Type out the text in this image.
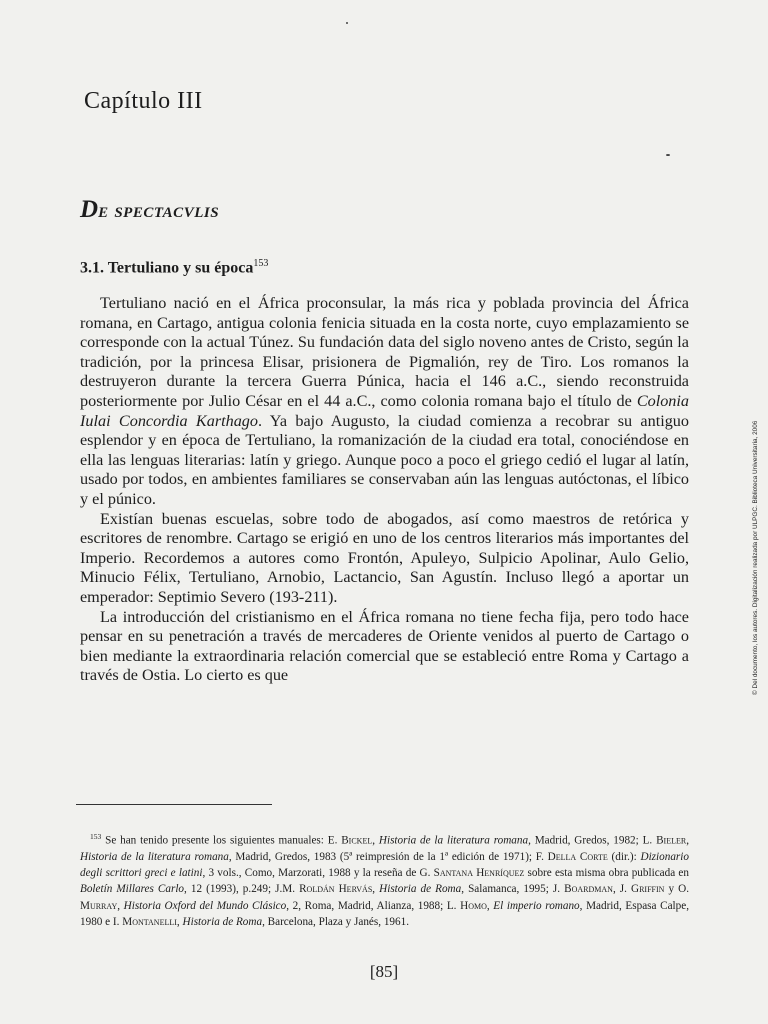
Capítulo III
De spectacvlis
3.1. Tertuliano y su época$^{153}$

Tertuliano nació en el África proconsular, la más rica y poblada provincia del África romana, en Cartago, antigua colonia fenicia situada en la costa norte, cuyo emplazamiento se corresponde con la actual Túnez. Su fundación data del siglo noveno antes de Cristo, según la tradición, por la princesa Elisar, prisionera de Pigmalión, rey de Tiro. Los romanos la destruyeron durante la tercera Guerra Púnica, hacia el 146 a.C., siendo reconstruida posteriormente por Julio César en el 44 a.C., como colonia romana bajo el título de Colonia Iulai Concordia Karthago. Ya bajo Augusto, la ciudad comienza a recobrar su antiguo esplendor y en época de Tertuliano, la romanización de la ciudad era total, conociéndose en ella las lenguas literarias: latín y griego. Aunque poco a poco el griego cedió el lugar al latín, usado por todos, en ambientes familiares se conservaban aún las lenguas autóctonas, el líbico y el púnico.

Existían buenas escuelas, sobre todo de abogados, así como maestros de retórica y escritores de renombre. Cartago se erigió en uno de los centros literarios más importantes del Imperio. Recordemos a autores como Frontón, Apuleyo, Sulpicio Apolinar, Aulo Gelio, Minucio Félix, Tertuliano, Arnobio, Lactancio, San Agustín. Incluso llegó a aportar un emperador: Septimio Severo (193-211).

La introducción del cristianismo en el África romana no tiene fecha fija, pero todo hace pensar en su penetración a través de mercaderes de Oriente venidos al puerto de Cartago o bien mediante la extraordinaria relación comercial que se estableció entre Roma y Cartago a través de Ostia. Lo cierto es que

$^{153}$ Se han tenido presente los siguientes manuales: E. Bickel, Historia de la literatura romana, Madrid, Gredos, 1982; L. Bieler, Historia de la literatura romana, Madrid, Gredos, 1983 (5ª reimpresión de la 1ª edición de 1971); F. Della Corte (dir.): Dizionario degli scrittori greci e latini, 3 vols., Como, Marzorati, 1988 y la reseña de G. Santana Henríquez sobre esta misma obra publicada en Boletín Millares Carlo, 12 (1993), p.249; J.M. Roldán Hervás, Historia de Roma, Salamanca, 1995; J. Boardman, J. Griffin y O. Murray, Historia Oxford del Mundo Clásico, 2, Roma, Madrid, Alianza, 1988; L. Homo, El imperio romano, Madrid, Espasa Calpe, 1980 e I. Montanelli, Historia de Roma, Barcelona, Plaza y Janés, 1961.
[85]
© Del documento, los autores. Digitalización realizada por ULPGC. Biblioteca Universitaria, 2006
